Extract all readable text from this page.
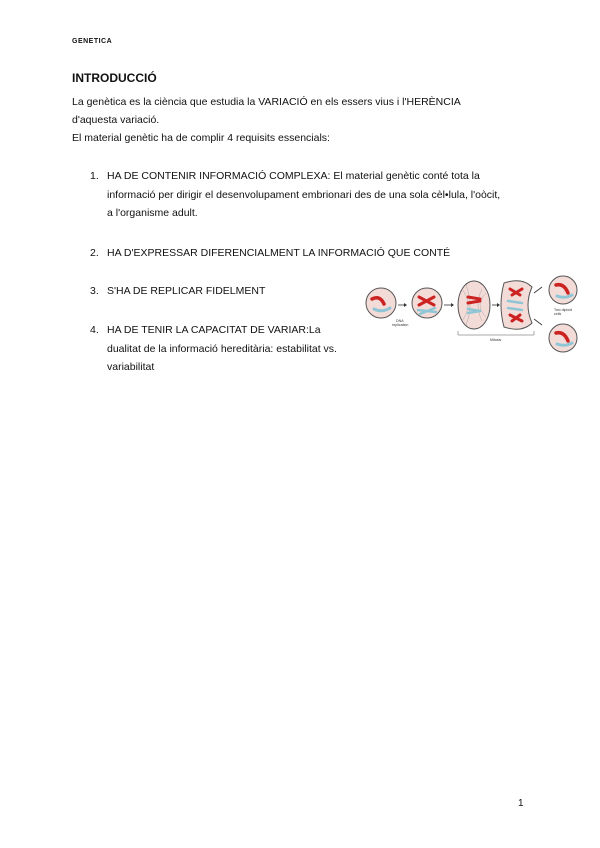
GENETICA
INTRODUCCIÓ
La genètica es la ciència que estudia la VARIACIÓ en els essers vius i l'HERÈNCIA
d'aquesta variació.
El material genètic ha de complir 4 requisits essencials:
1. HA DE CONTENIR INFORMACIÓ COMPLEXA: El material genètic conté tota la
informació per dirigir el desenvolupament embrionari des de una sola cèl•lula, l'oòcit,
a l'organisme adult.
2. HA D'EXPRESSAR DIFERENCIALMENT LA INFORMACIÓ QUE CONTÉ
3. S'HA DE REPLICAR FIDELMENT
4. HA DE TENIR LA CAPACITAT DE VARIAR:La
dualitat de la informació hereditària: estabilitat vs.
variabilitat
DNA
replication
Mitosis
Two diploid
cells
1
